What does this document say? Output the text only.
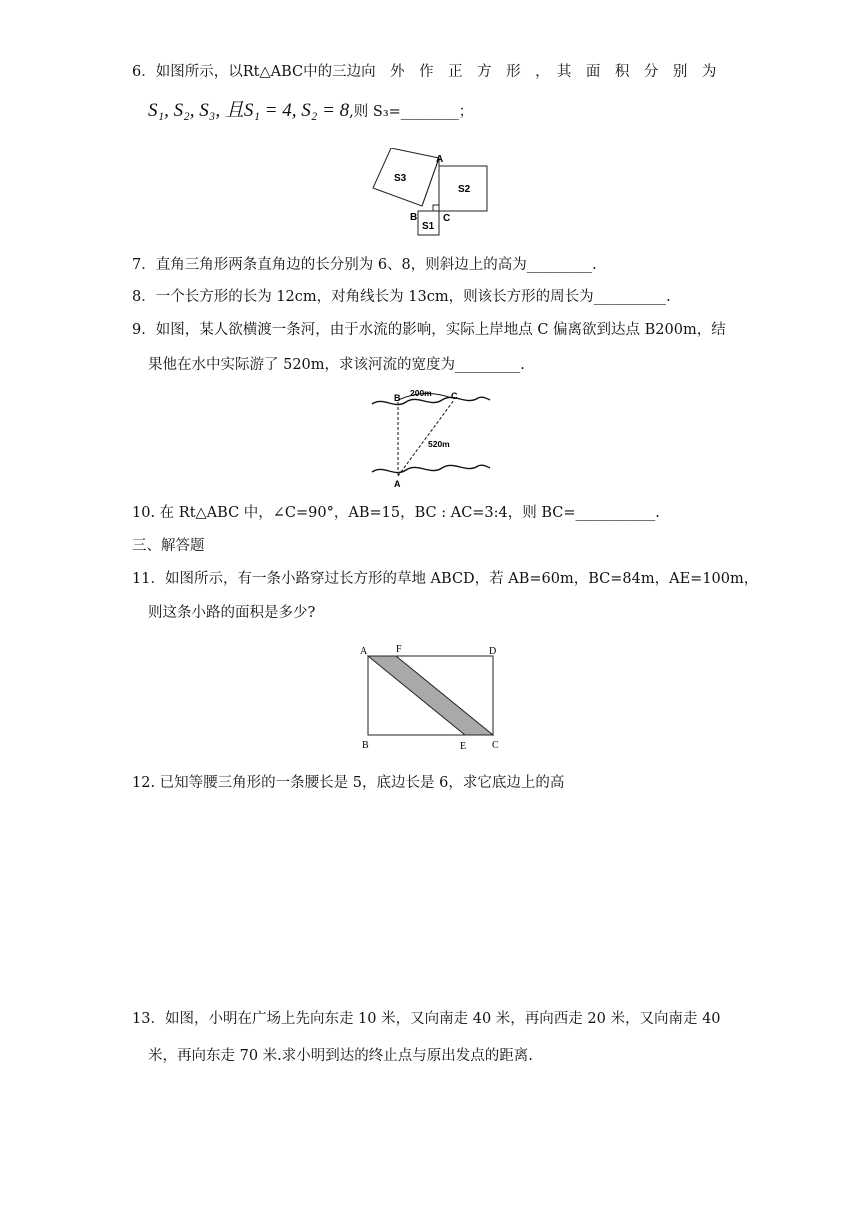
6．如图所示，以Rt△ABC中的三边向　外　作　正　方　形　，　其　面　积　分　别　为
S₁, S₂, S₃, 且S₁ = 4, S₂ = 8,则 S₃=________；
S3
S2
S1
A
B	C
7．直角三角形两条直角边的长分别为 6、8，则斜边上的高为_________.
8．一个长方形的长为 12cm，对角线长为 13cm，则该长方形的周长为__________.
9．如图，某人欲横渡一条河，由于水流的影响，实际上岸地点 C 偏离欲到达点 B200m，结
果他在水中实际游了 520m，求该河流的宽度为_________.
B	C
A
200m
520m
10. 在 Rt△ABC 中，∠C=90°，AB=15，BC : AC=3:4，则 BC=___________.
三、解答题
11．如图所示，有一条小路穿过长方形的草地 ABCD，若 AB=60m，BC=84m，AE=100m，
则这条小路的面积是多少?
A	F	D
B	E	C
12. 已知等腰三角形的一条腰长是 5，底边长是 6，求它底边上的高
13．如图，小明在广场上先向东走 10 米，又向南走 40 米，再向西走 20 米，又向南走 40
米，再向东走 70 米.求小明到达的终止点与原出发点的距离.
